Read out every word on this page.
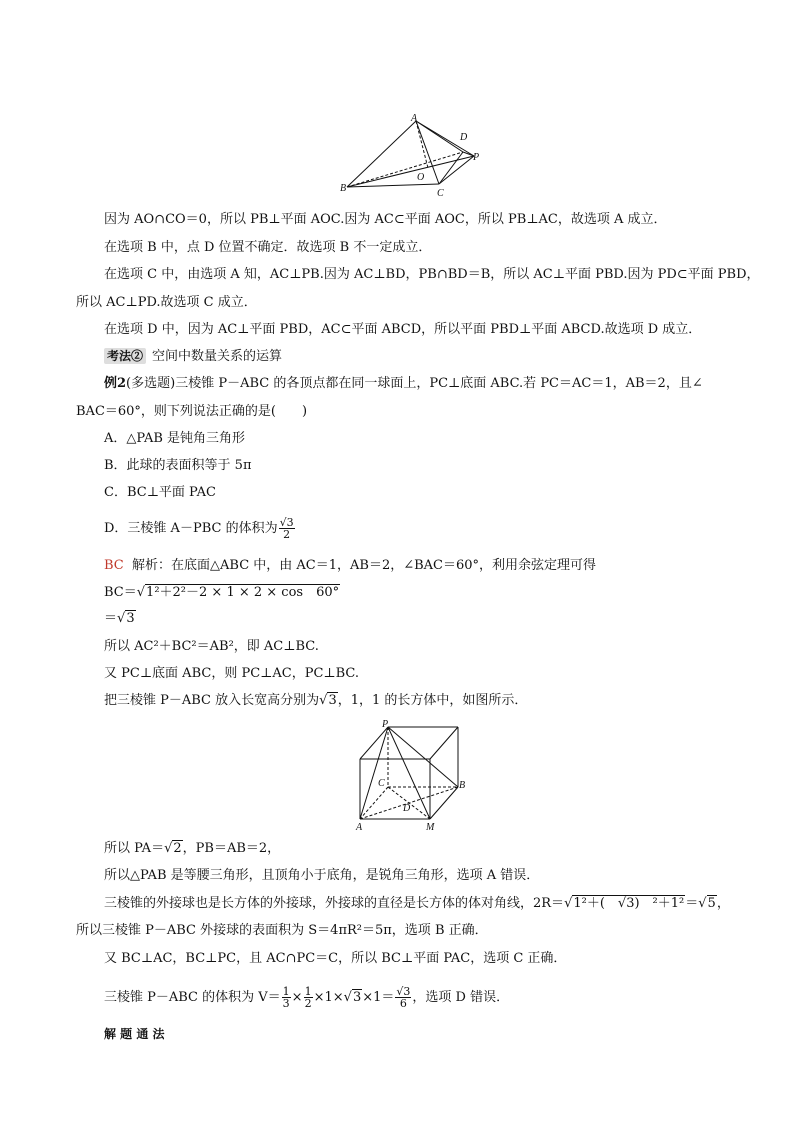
A
B	C
D
O
P
因为 AO∩CO＝0，所以 PB⊥平面 AOC.因为 AC⊂平面 AOC，所以 PB⊥AC，故选项 A 成立．
在选项 B 中，点 D 位置不确定．故选项 B 不一定成立．
在选项 C 中，由选项 A 知，AC⊥PB.因为 AC⊥BD，PB∩BD＝B，所以 AC⊥平面 PBD.因为 PD⊂平面 PBD，
所以 AC⊥PD.故选项 C 成立．
在选项 D 中，因为 AC⊥平面 PBD，AC⊂平面 ABCD，所以平面 PBD⊥平面 ABCD.故选项 D 成立．
考法② 空间中数量关系的运算
例2(多选题)三棱锥 P－ABC 的各顶点都在同一球面上，PC⊥底面 ABC.若 PC＝AC＝1，AB＝2，且∠
BAC＝60°，则下列说法正确的是(　　)
A．△PAB 是钝角三角形
B．此球的表面积等于 5π
C．BC⊥平面 PAC
D．三棱锥 A－PBC 的体积为 $\frac{√3}{2}$
BC 解析：在底面△ABC 中，由 AC＝1，AB＝2，∠BAC＝60°，利用余弦定理可得
BC＝√1²＋2²－2 × 1 × 2 × cos　60°
＝√3
所以 AC²＋BC²＝AB²，即 AC⊥BC.
又 PC⊥底面 ABC，则 PC⊥AC，PC⊥BC.
把三棱锥 P－ABC 放入长宽高分别为√3，1，1 的长方体中，如图所示．
P
C	B
D
A	M
所以 PA＝√2，PB＝AB＝2，
所以△PAB 是等腰三角形，且顶角小于底角，是锐角三角形，选项 A 错误．
三棱锥的外接球也是长方体的外接球，外接球的直径是长方体的体对角线，2R＝√1²＋(　√3)　²＋1²＝√5，
所以三棱锥 P－ABC 外接球的表面积为 S＝4πR²＝5π，选项 B 正确．
又 BC⊥AC，BC⊥PC，且 AC∩PC＝C，所以 BC⊥平面 PAC，选项 C 正确．
三棱锥 P－ABC 的体积为 $V= \frac{1}{3} \times \frac{1}{2} \times 1\times√3\times 1= \frac{√3}{6}$ ，选项 D 错误．
解 题 通 法
